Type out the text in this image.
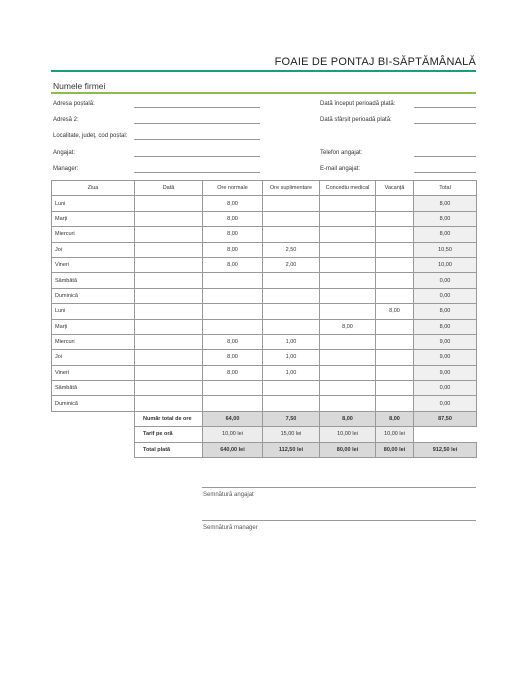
FOAIE DE PONTAJ BI-SĂPTĂMÂNALĂ
Numele firmei
Adresa poștală:
Adresă 2:
Localitate, județ, cod poștal:
Angajat:
Manager:
Dată început perioadă plată:
Dată sfârșit perioadă plată:
Telefon angajat:
E-mail angajat:
Ziua	Dată	Ore normale	Ore suplimentare	Concediu medical	Vacanță	Total
Luni		8,00				8,00
Marți		8,00				8,00
Miercuri		8,00				8,00
Joi		8,00	2,50			10,50
Vineri		8,00	2,00			10,00
Sâmbătă						0,00
Duminică						0,00
Luni					8,00	8,00
Marți				8,00		8,00
Miercuri		8,00	1,00			9,00
Joi		8,00	1,00			9,00
Vineri		8,00	1,00			9,00
Sâmbătă						0,00
Duminică						0,00
	Număr total de ore	64,00	7,50	8,00	8,00	87,50
	Tarif pe oră	10,00 lei	15,00 lei	10,00 lei	10,00 lei	
	Total plată	640,00 lei	112,50 lei	80,00 lei	80,00 lei	912,50 lei
Semnătură angajat
Semnătură manager
